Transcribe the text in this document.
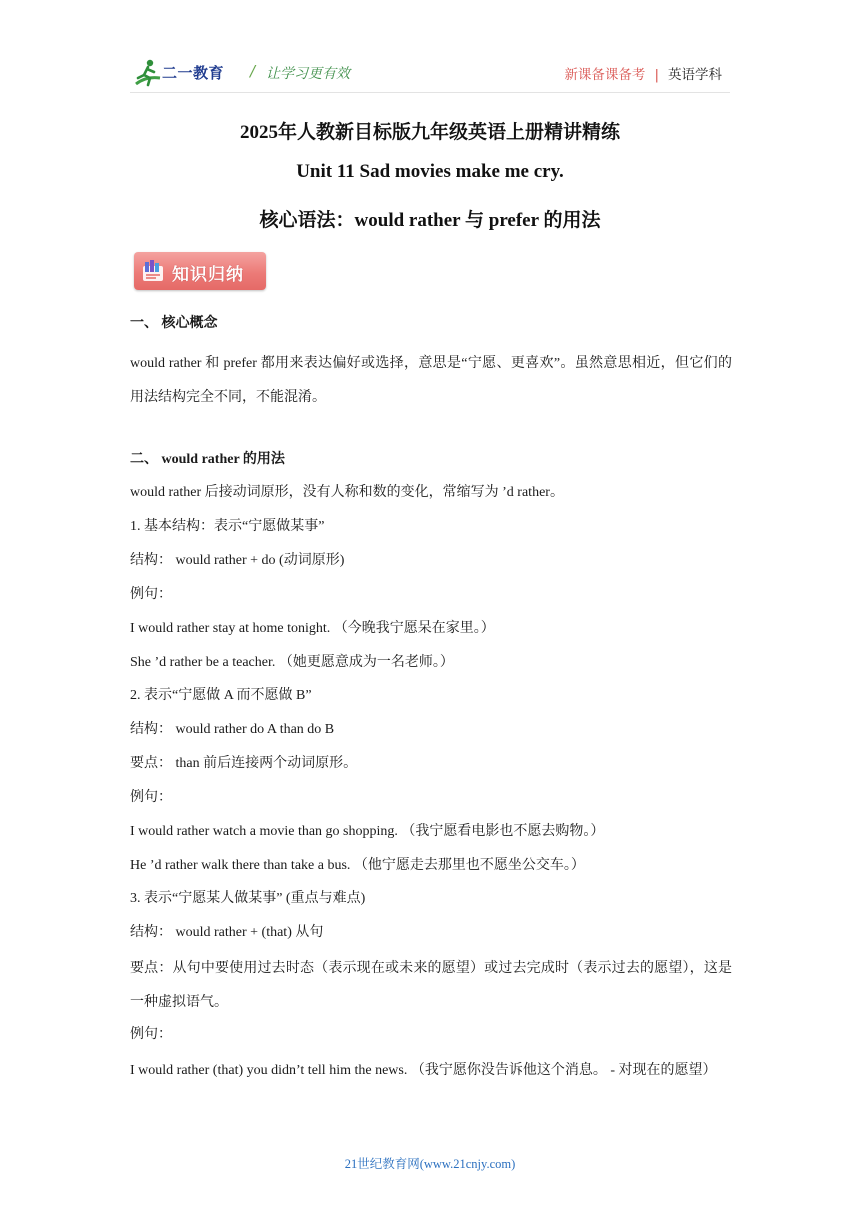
二一教育 / 让学习更有效	新课备课备考 | 英语学科
2025年人教新目标版九年级英语上册精讲精练
Unit 11 Sad movies make me cry.
核心语法：would rather 与 prefer 的用法
知识归纳
一、 核心概念
would rather 和 prefer 都用来表达偏好或选择，意思是“宁愿、更喜欢”。虽然意思相近，但它们的用法结构完全不同，不能混淆。
二、 would rather 的用法
would rather 后接动词原形，没有人称和数的变化，常缩写为 ’d rather。
1. 基本结构：表示“宁愿做某事”
结构： would rather + do (动词原形)
例句：
I would rather stay at home tonight. （今晚我宁愿呆在家里。）
She ’d rather be a teacher. （她更愿意成为一名老师。）
2. 表示“宁愿做 A 而不愿做 B”
结构： would rather do A than do B
要点： than 前后连接两个动词原形。
例句：
I would rather watch a movie than go shopping. （我宁愿看电影也不愿去购物。）
He ’d rather walk there than take a bus. （他宁愿走去那里也不愿坐公交车。）
3. 表示“宁愿某人做某事” (重点与难点)
结构： would rather + (that) 从句
要点：从句中要使用过去时态（表示现在或未来的愿望）或过去完成时（表示过去的愿望），这是一种虚拟语气。
例句：
I would rather (that) you didn’t tell him the news. （我宁愿你没告诉他这个消息。 - 对现在的愿望）
21世纪教育网(www.21cnjy.com)
